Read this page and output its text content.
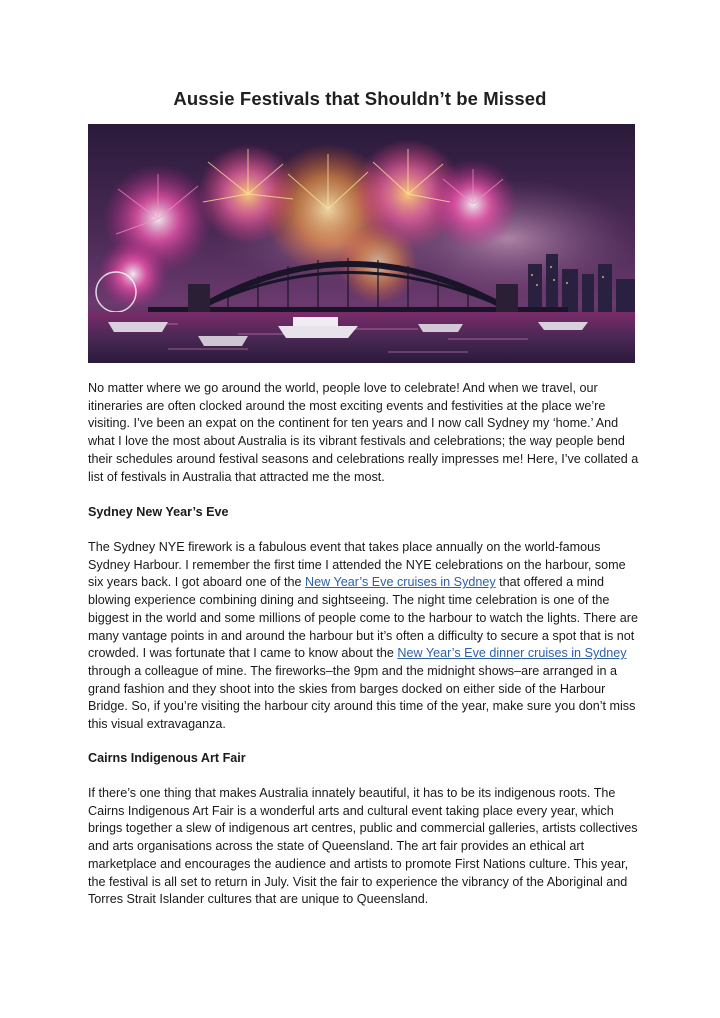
Aussie Festivals that Shouldn’t be Missed

No matter where we go around the world, people love to celebrate! And when we travel, our itineraries are often clocked around the most exciting events and festivities at the place we’re visiting. I’ve been an expat on the continent for ten years and I now call Sydney my ‘home.’ And what I love the most about Australia is its vibrant festivals and celebrations; the way people bend their schedules around festival seasons and celebrations really impresses me! Here, I’ve collated a list of festivals in Australia that attracted me the most.

Sydney New Year’s Eve

The Sydney NYE firework is a fabulous event that takes place annually on the world-famous Sydney Harbour. I remember the first time I attended the NYE celebrations on the harbour, some six years back. I got aboard one of the New Year’s Eve cruises in Sydney that offered a mind blowing experience combining dining and sightseeing. The night time celebration is one of the biggest in the world and some millions of people come to the harbour to watch the lights. There are many vantage points in and around the harbour but it’s often a difficulty to secure a spot that is not crowded. I was fortunate that I came to know about the New Year’s Eve dinner cruises in Sydney through a colleague of mine. The fireworks–the 9pm and the midnight shows–are arranged in a grand fashion and they shoot into the skies from barges docked on either side of the Harbour Bridge. So, if you’re visiting the harbour city around this time of the year, make sure you don’t miss this visual extravaganza.

Cairns Indigenous Art Fair

If there’s one thing that makes Australia innately beautiful, it has to be its indigenous roots. The Cairns Indigenous Art Fair is a wonderful arts and cultural event taking place every year, which brings together a slew of indigenous art centres, public and commercial galleries, artists collectives and arts organisations across the state of Queensland. The art fair provides an ethical art marketplace and encourages the audience and artists to promote First Nations culture. This year, the festival is all set to return in July. Visit the fair to experience the vibrancy of the Aboriginal and Torres Strait Islander cultures that are unique to Queensland.
